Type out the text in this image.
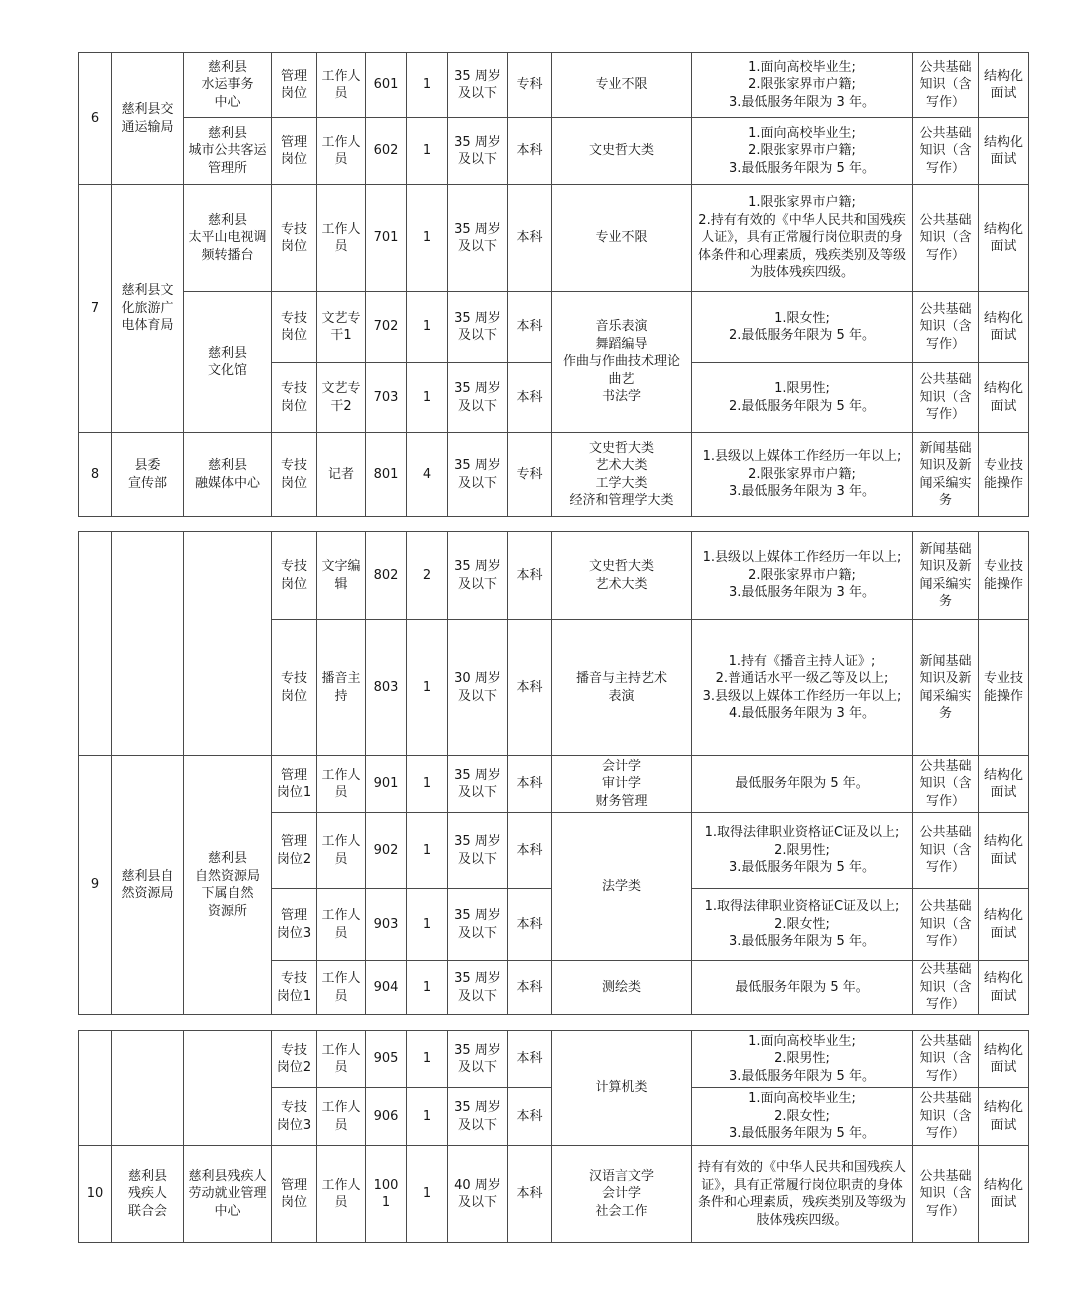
6	慈利县交通运输局	慈利县
水运事务
中心	管理岗位	工作人员	601	1	35 周岁及以下	专科	专业不限	1.面向高校毕业生;
2.限张家界市户籍;
3.最低服务年限为 3 年。	公共基础知识（含写作）	结构化面试
		慈利县
城市公共客运管理所	管理岗位	工作人员	602	1	35 周岁及以下	本科	文史哲大类	1.面向高校毕业生;
2.限张家界市户籍;
3.最低服务年限为 5 年。	公共基础知识（含写作）	结构化面试
7	慈利县文化旅游广电体育局	慈利县
太平山电视调频转播台	专技岗位	工作人员	701	1	35 周岁及以下	本科	专业不限	1.限张家界市户籍;
2.持有有效的《中华人民共和国残疾人证》，具有正常履行岗位职责的身体条件和心理素质，残疾类别及等级为肢体残疾四级。	公共基础知识（含写作）	结构化面试
		慈利县
文化馆	专技岗位	文艺专干1	702	1	35 周岁及以下	本科	音乐表演
舞蹈编导
作曲与作曲技术理论
曲艺
书法学	1.限女性;
2.最低服务年限为 5 年。	公共基础知识（含写作）	结构化面试
			专技岗位	文艺专干2	703	1	35 周岁及以下	本科		1.限男性;
2.最低服务年限为 5 年。	公共基础知识（含写作）	结构化面试
8	县委
宣传部	慈利县
融媒体中心	专技岗位	记者	801	4	35 周岁及以下	专科	文史哲大类
艺术大类
工学大类
经济和管理学大类	1.县级以上媒体工作经历一年以上;
2.限张家界市户籍;
3.最低服务年限为 3 年。	新闻基础知识及新闻采编实务	专业技能操作
			专技岗位	文字编辑	802	2	35 周岁及以下	本科	文史哲大类
艺术大类	1.县级以上媒体工作经历一年以上;
2.限张家界市户籍;
3.最低服务年限为 3 年。	新闻基础知识及新闻采编实务	专业技能操作
			专技岗位	播音主持	803	1	30 周岁及以下	本科	播音与主持艺术
表演	1.持有《播音主持人证》;
2.普通话水平一级乙等及以上;
3.县级以上媒体工作经历一年以上;
4.最低服务年限为 3 年。	新闻基础知识及新闻采编实务	专业技能操作
9	慈利县自然资源局	慈利县
自然资源局
下属自然
资源所	管理岗位1	工作人员	901	1	35 周岁及以下	本科	会计学
审计学
财务管理	最低服务年限为 5 年。	公共基础知识（含写作）	结构化面试
			管理岗位2	工作人员	902	1	35 周岁及以下	本科	法学类	1.取得法律职业资格证C证及以上;
2.限男性;
3.最低服务年限为 5 年。	公共基础知识（含写作）	结构化面试
			管理岗位3	工作人员	903	1	35 周岁及以下	本科		1.取得法律职业资格证C证及以上;
2.限女性;
3.最低服务年限为 5 年。	公共基础知识（含写作）	结构化面试
			专技岗位1	工作人员	904	1	35 周岁及以下	本科	测绘类	最低服务年限为 5 年。	公共基础知识（含写作）	结构化面试
			专技岗位2	工作人员	905	1	35 周岁及以下	本科	计算机类	1.面向高校毕业生;
2.限男性;
3.最低服务年限为 5 年。	公共基础知识（含写作）	结构化面试
			专技岗位3	工作人员	906	1	35 周岁及以下	本科		1.面向高校毕业生;
2.限女性;
3.最低服务年限为 5 年。	公共基础知识（含写作）	结构化面试
10	慈利县
残疾人
联合会	慈利县残疾人劳动就业管理中心	管理岗位	工作人员	1001	1	40 周岁及以下	本科	汉语言文学
会计学
社会工作	持有有效的《中华人民共和国残疾人证》，具有正常履行岗位职责的身体条件和心理素质，残疾类别及等级为肢体残疾四级。	公共基础知识（含写作）	结构化面试
